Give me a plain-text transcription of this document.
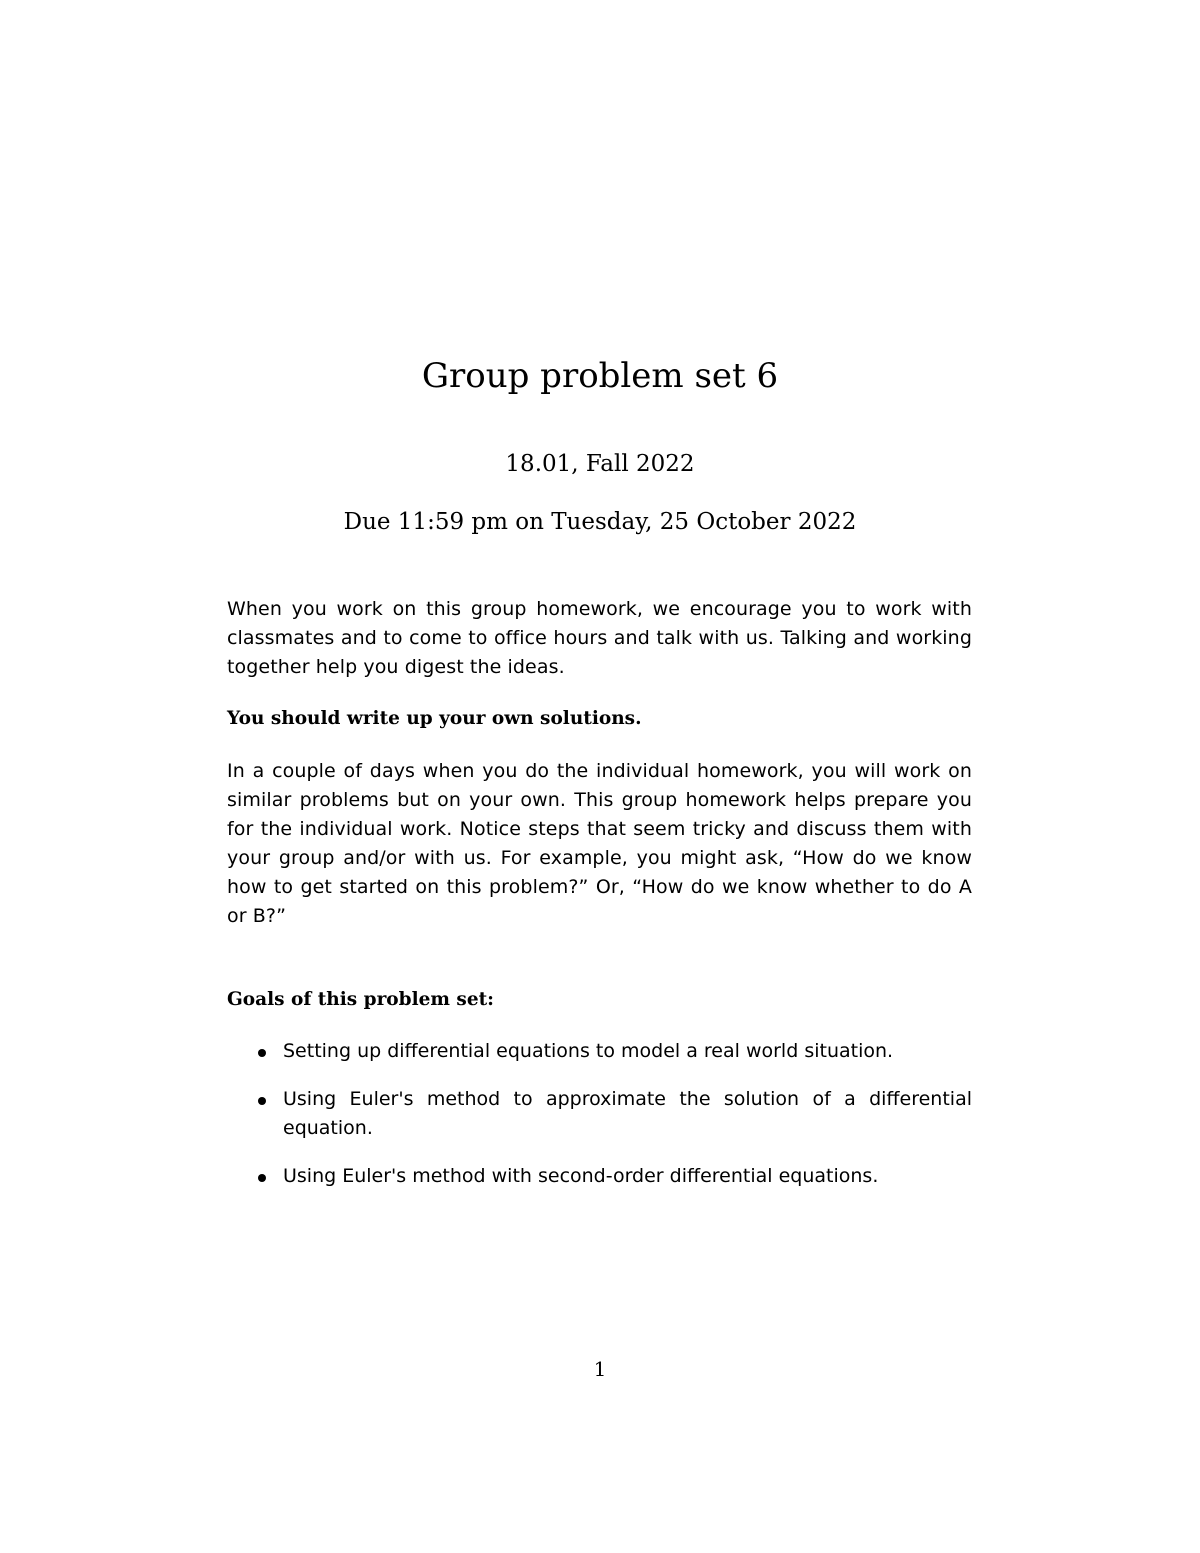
Group problem set 6
18.01, Fall 2022
Due 11:59 pm on Tuesday, 25 October 2022
When you work on this group homework, we encourage you to work with classmates and to come to office hours and talk with us. Talking and working together help you digest the ideas.
You should write up your own solutions.
In a couple of days when you do the individual homework, you will work on similar problems but on your own. This group homework helps prepare you for the individual work. Notice steps that seem tricky and discuss them with your group and/or with us. For example, you might ask, “How do we know how to get started on this problem?” Or, “How do we know whether to do A or B?”
Goals of this problem set:
Setting up differential equations to model a real world situation.
Using Euler's method to approximate the solution of a differential equation.
Using Euler's method with second-order differential equations.
1
